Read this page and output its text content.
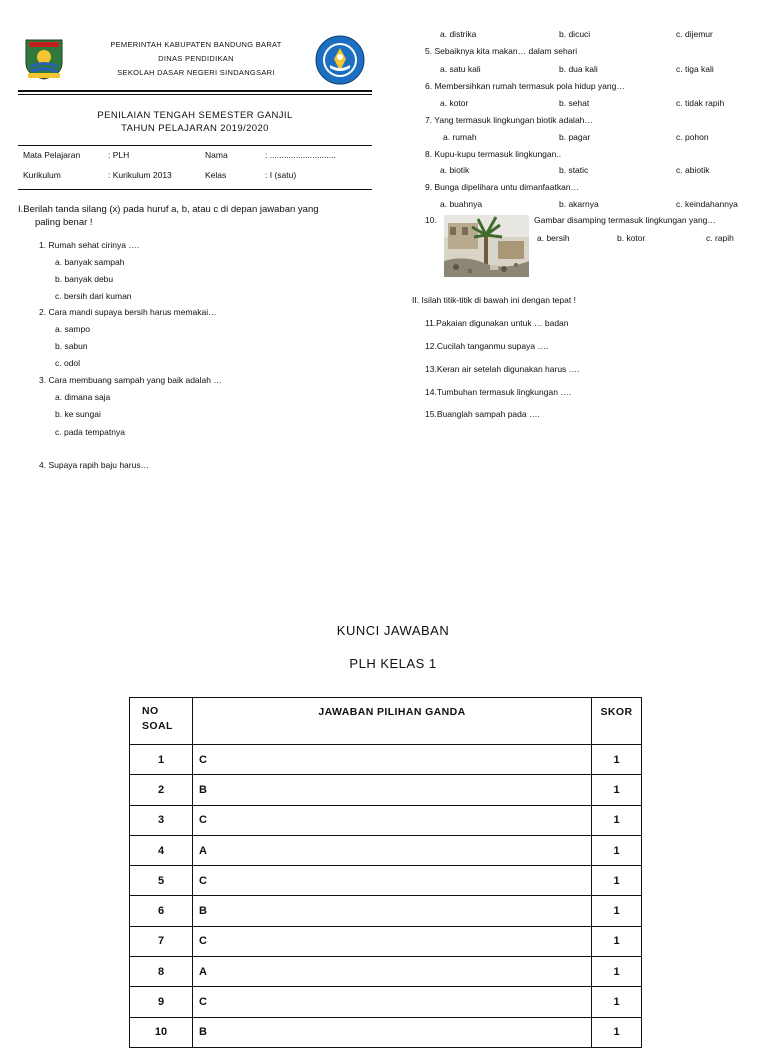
PEMERINTAH KABUPATEN BANDUNG BARAT
DINAS PENDIDIKAN
SEKOLAH DASAR NEGERI SINDANGSARI
PENILAIAN TENGAH SEMESTER GANJIL
TAHUN PELAJARAN 2019/2020
Mata Pelajaran	: PLH	Nama	: ............................
Kurikulum	: Kurikulum 2013	Kelas	: I (satu)
I.Berilah tanda silang (x) pada huruf a, b, atau c di depan jawaban yang
paling benar !
1. Rumah sehat cirinya ….
a. banyak sampah
b. banyak debu
c. bersih dari kuman
2. Cara mandi supaya bersih harus memakai…
a. sampo
b. sabun
c. odol
3. Cara membuang sampah yang baik adalah …
a. dimana saja
b. ke sungai
c. pada tempatnya
4. Supaya rapih baju harus…
a. distrika	b. dicuci	c. dijemur
5. Sebaiknya kita makan… dalam sehari
a. satu kali	b. dua kali	c. tiga kali
6. Membersihkan rumah termasuk pola hidup yang…
a. kotor	b. sehat	c. tidak rapih
7. Yang termasuk lingkungan biotik adalah…
a. rumah	b. pagar	c. pohon
8. Kupu-kupu termasuk lingkungan..
a. biotik	b. static	c. abiotik
9. Bunga dipelihara untu dimanfaatkan…
a. buahnya	b. akarnya	c. keindahannya
10.	Gambar disamping termasuk lingkungan yang…
a. bersih	b. kotor	c. rapih
II. Isilah titik-titik di bawah ini dengan tepat !
11.Pakaian digunakan untuk … badan
12.Cucilah tanganmu supaya ….
13.Keran air setelah digunakan harus ….
14.Tumbuhan termasuk lingkungan ….
15.Buanglah sampah pada ….
KUNCI JAWABAN
PLH KELAS 1
NO
SOAL	JAWABAN PILIHAN GANDA	SKOR
1	C	1
2	B	1
3	C	1
4	A	1
5	C	1
6	B	1
7	C	1
8	A	1
9	C	1
10	B	1
